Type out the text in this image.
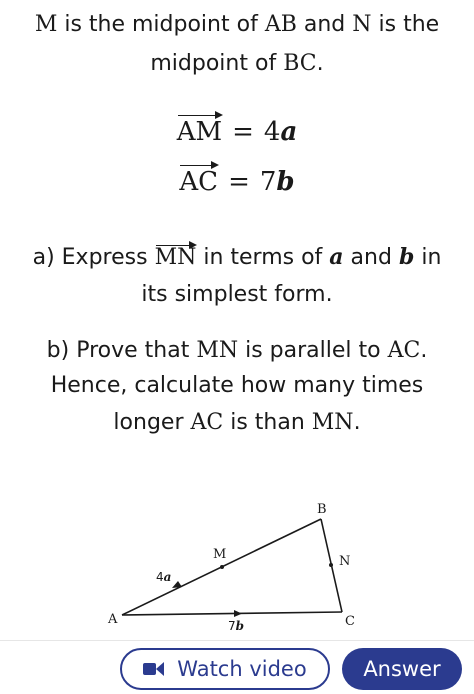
M is the midpoint of AB and N is the
midpoint of BC.
AM = 4a
AC = 7b
a) Express MN in terms of a and b in
its simplest form.
b) Prove that MN is parallel to AC.
Hence, calculate how many times
longer AC is than MN.
A
B
C
M	N
4a
7b
Watch video	Answer
